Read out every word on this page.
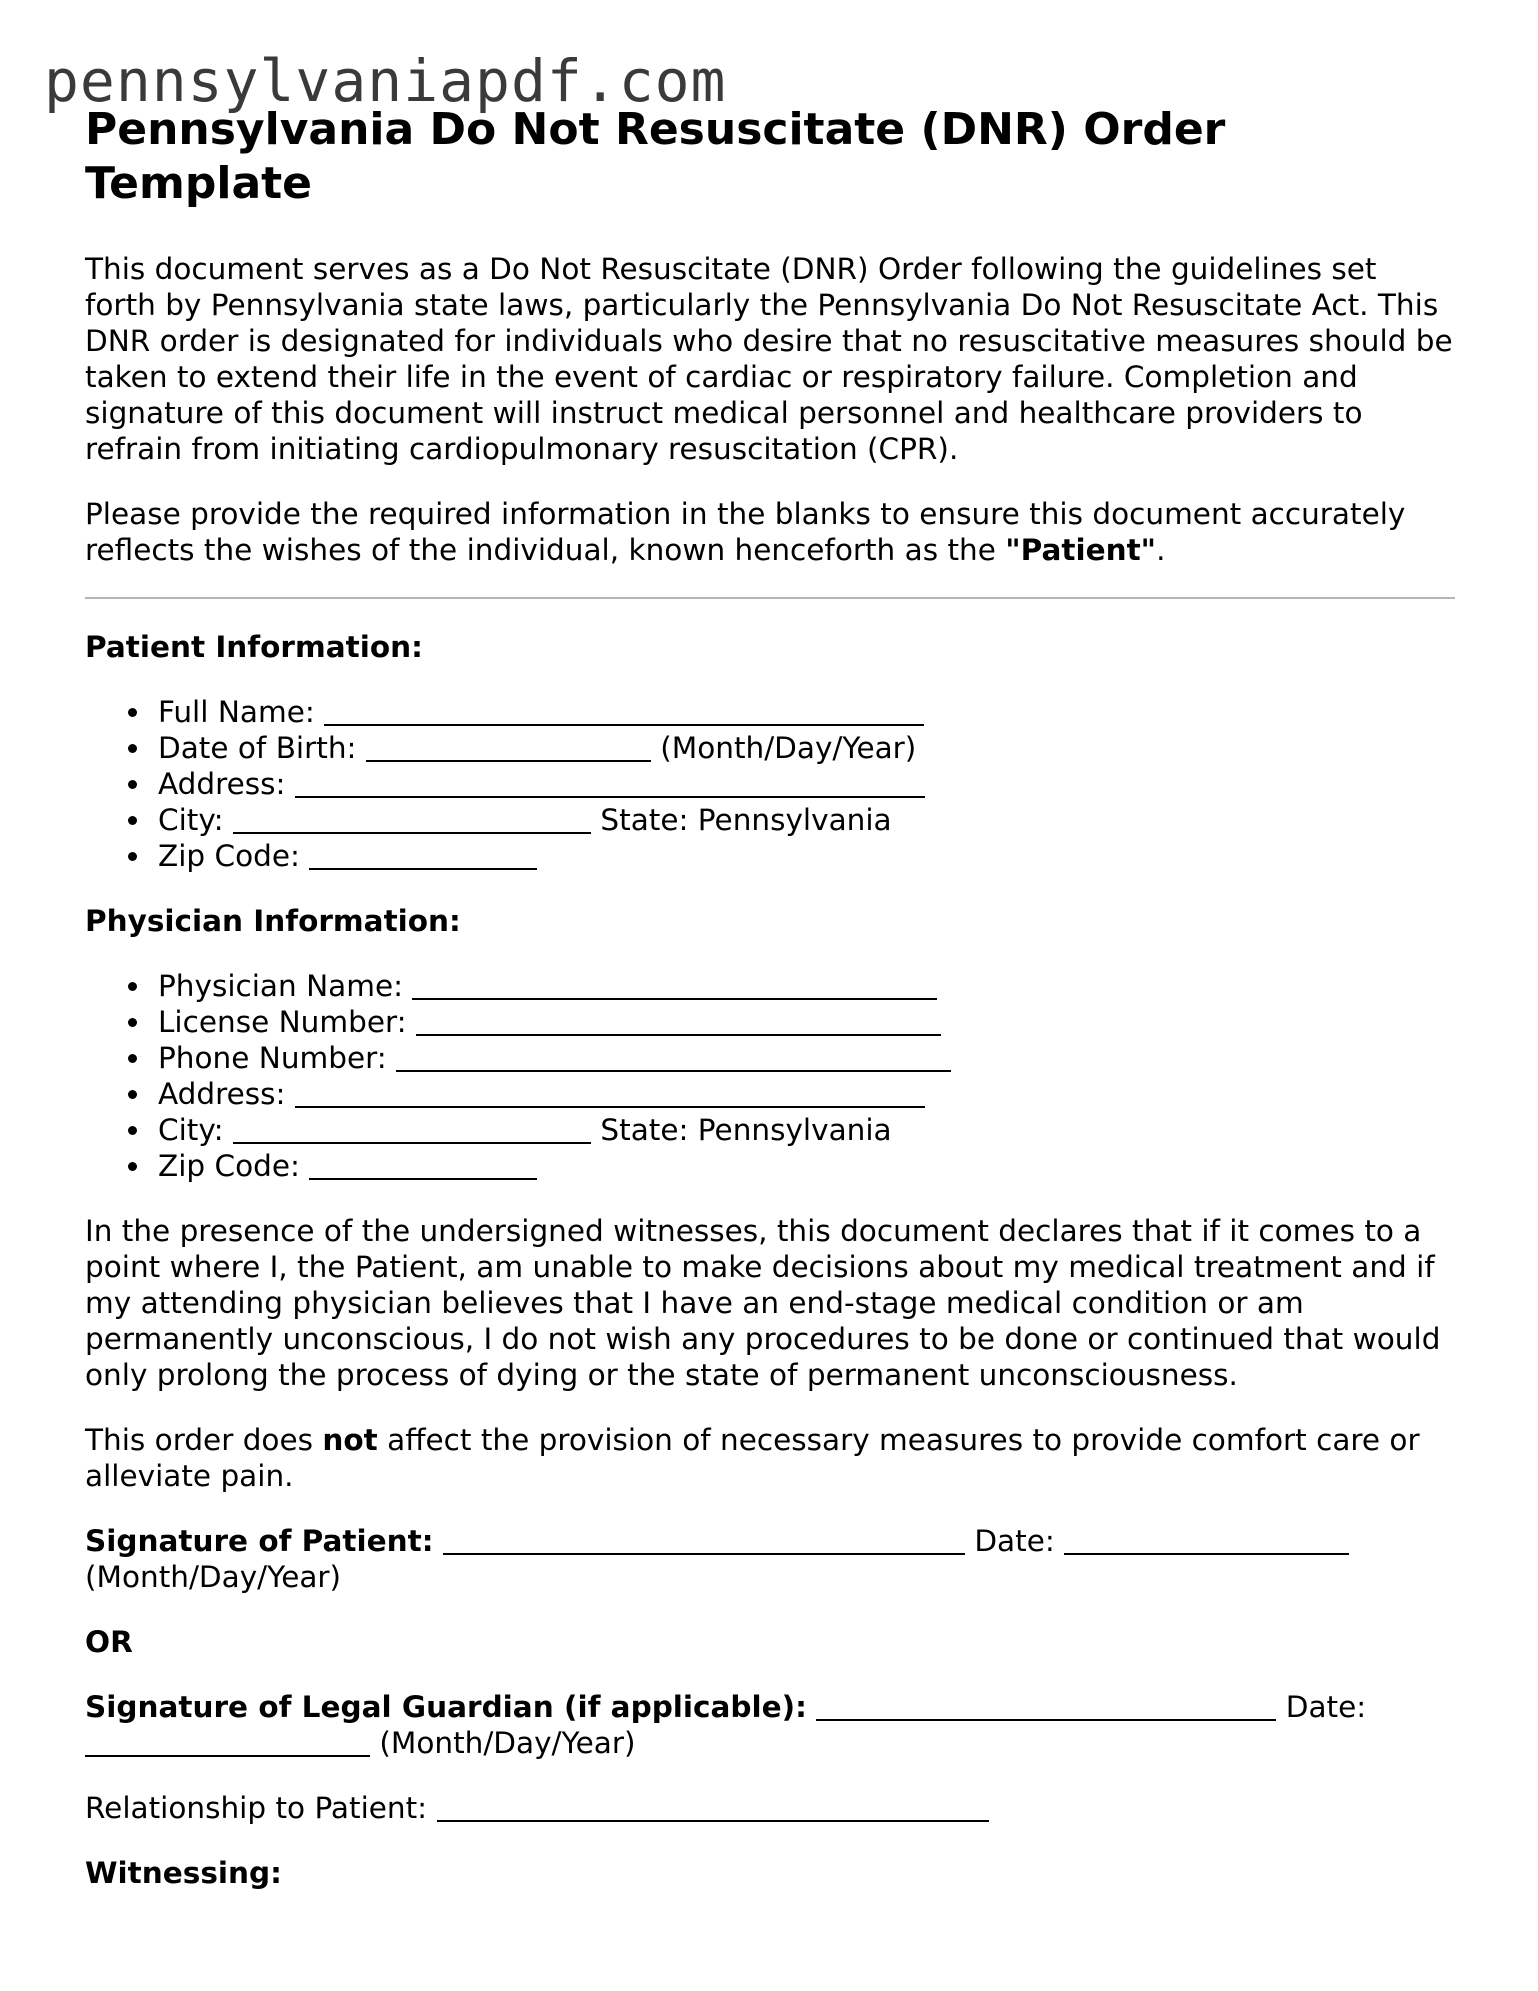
pennsylvaniapdf.com
Pennsylvania Do Not Resuscitate (DNR) Order Template

This document serves as a Do Not Resuscitate (DNR) Order following the guidelines set forth by Pennsylvania state laws, particularly the Pennsylvania Do Not Resuscitate Act. This DNR order is designated for individuals who desire that no resuscitative measures should be taken to extend their life in the event of cardiac or respiratory failure. Completion and signature of this document will instruct medical personnel and healthcare providers to refrain from initiating cardiopulmonary resuscitation (CPR).

Please provide the required information in the blanks to ensure this document accurately reflects the wishes of the individual, known henceforth as the "Patient".

Patient Information:
Full Name:
Date of Birth:	(Month/Day/Year)
Address:
City:	State: Pennsylvania
Zip Code:
Physician Information:
Physician Name:
License Number:
Phone Number:
Address:
City:	State: Pennsylvania
Zip Code:

In the presence of the undersigned witnesses, this document declares that if it comes to a point where I, the Patient, am unable to make decisions about my medical treatment and if my attending physician believes that I have an end-stage medical condition or am permanently unconscious, I do not wish any procedures to be done or continued that would only prolong the process of dying or the state of permanent unconsciousness.

This order does not affect the provision of necessary measures to provide comfort care or alleviate pain.

Signature of Patient:	Date:
(Month/Day/Year)

OR

Signature of Legal Guardian (if applicable):	Date:
(Month/Day/Year)

Relationship to Patient:

Witnessing:
